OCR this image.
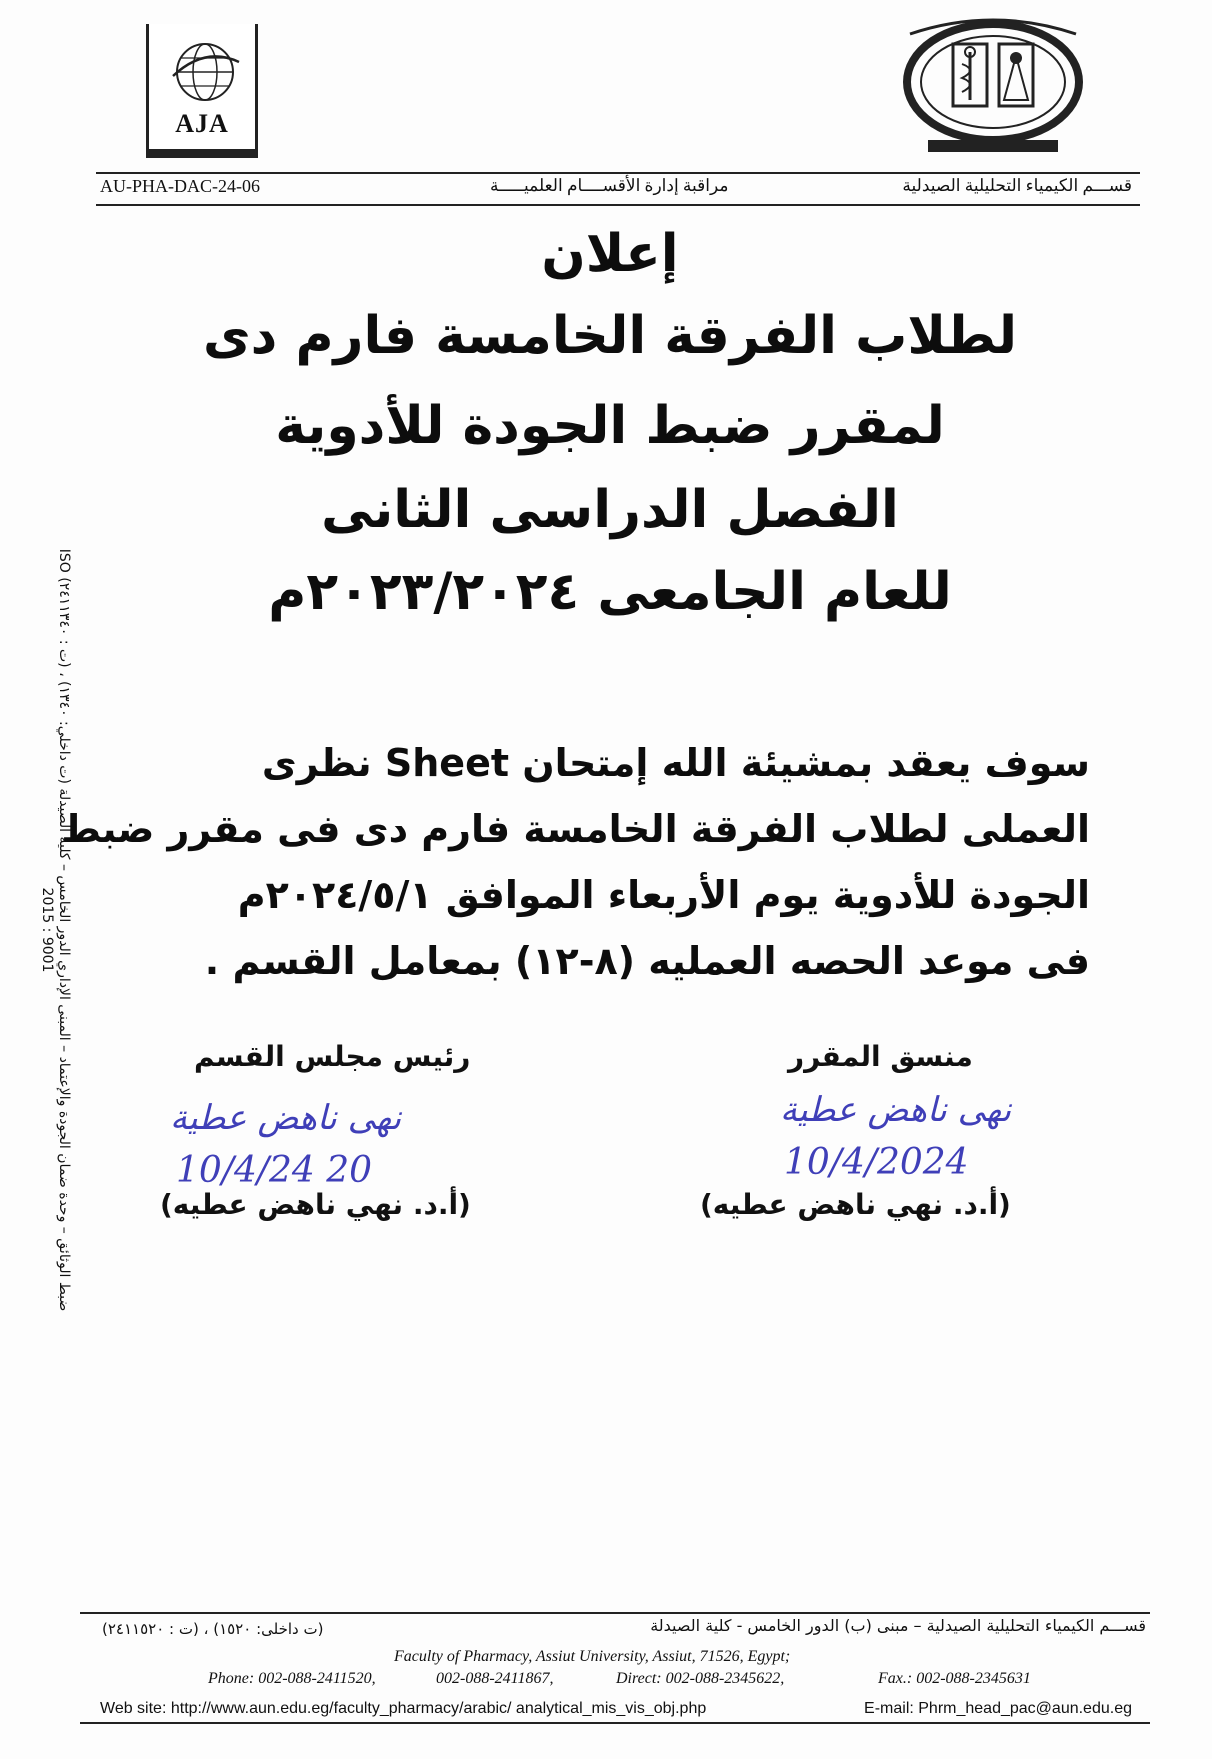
AJA
AU-PHA-DAC-24-06	مراقبة إدارة الأقســــام العلميـــــة	قســـم الكيمياء التحليلية الصيدلية
إعلان
لطلاب الفرقة الخامسة فارم دى
لمقرر ضبط الجودة للأدوية
الفصل الدراسى الثانى
للعام الجامعى ٢٠٢٣/٢٠٢٤م
سوف يعقد بمشيئة الله إمتحان Sheet نظرى
العملى لطلاب الفرقة الخامسة فارم دى فى مقرر ضبط
الجودة للأدوية يوم الأربعاء الموافق ٢٠٢٤/٥/١م
فى موعد الحصه العمليه (٨-١٢) بمعامل القسم .
رئيس مجلس القسم
نهى ناهض عطية
10/4/24 20
(أ.د. نهي ناهض عطيه)
منسق المقرر
نهى ناهض عطية
10/4/2024
(أ.د. نهي ناهض عطيه)
ضبط الوثائق – وحدة ضمان الجودة والإعتماد – المبنى الإداري الدور الخامس – كلية الصيدلة (ت داخلي: ١٣٤٠) ، (ت : ٢٤١١٣٤٠) ISO
9001 : 2015
(ت داخلى: ١٥٢٠) ، (ت : ٢٤١١٥٢٠)	قســـم الكيمياء التحليلية الصيدلية – مبنى (ب) الدور الخامس - كلية الصيدلة
Faculty of Pharmacy, Assiut University, Assiut, 71526, Egypt;
Phone: 002-088-2411520,	002-088-2411867,	Direct: 002-088-2345622,	Fax.: 002-088-2345631
Web site: http://www.aun.edu.eg/faculty_pharmacy/arabic/ analytical_mis_vis_obj.php	E-mail: Phrm_head_pac@aun.edu.eg
